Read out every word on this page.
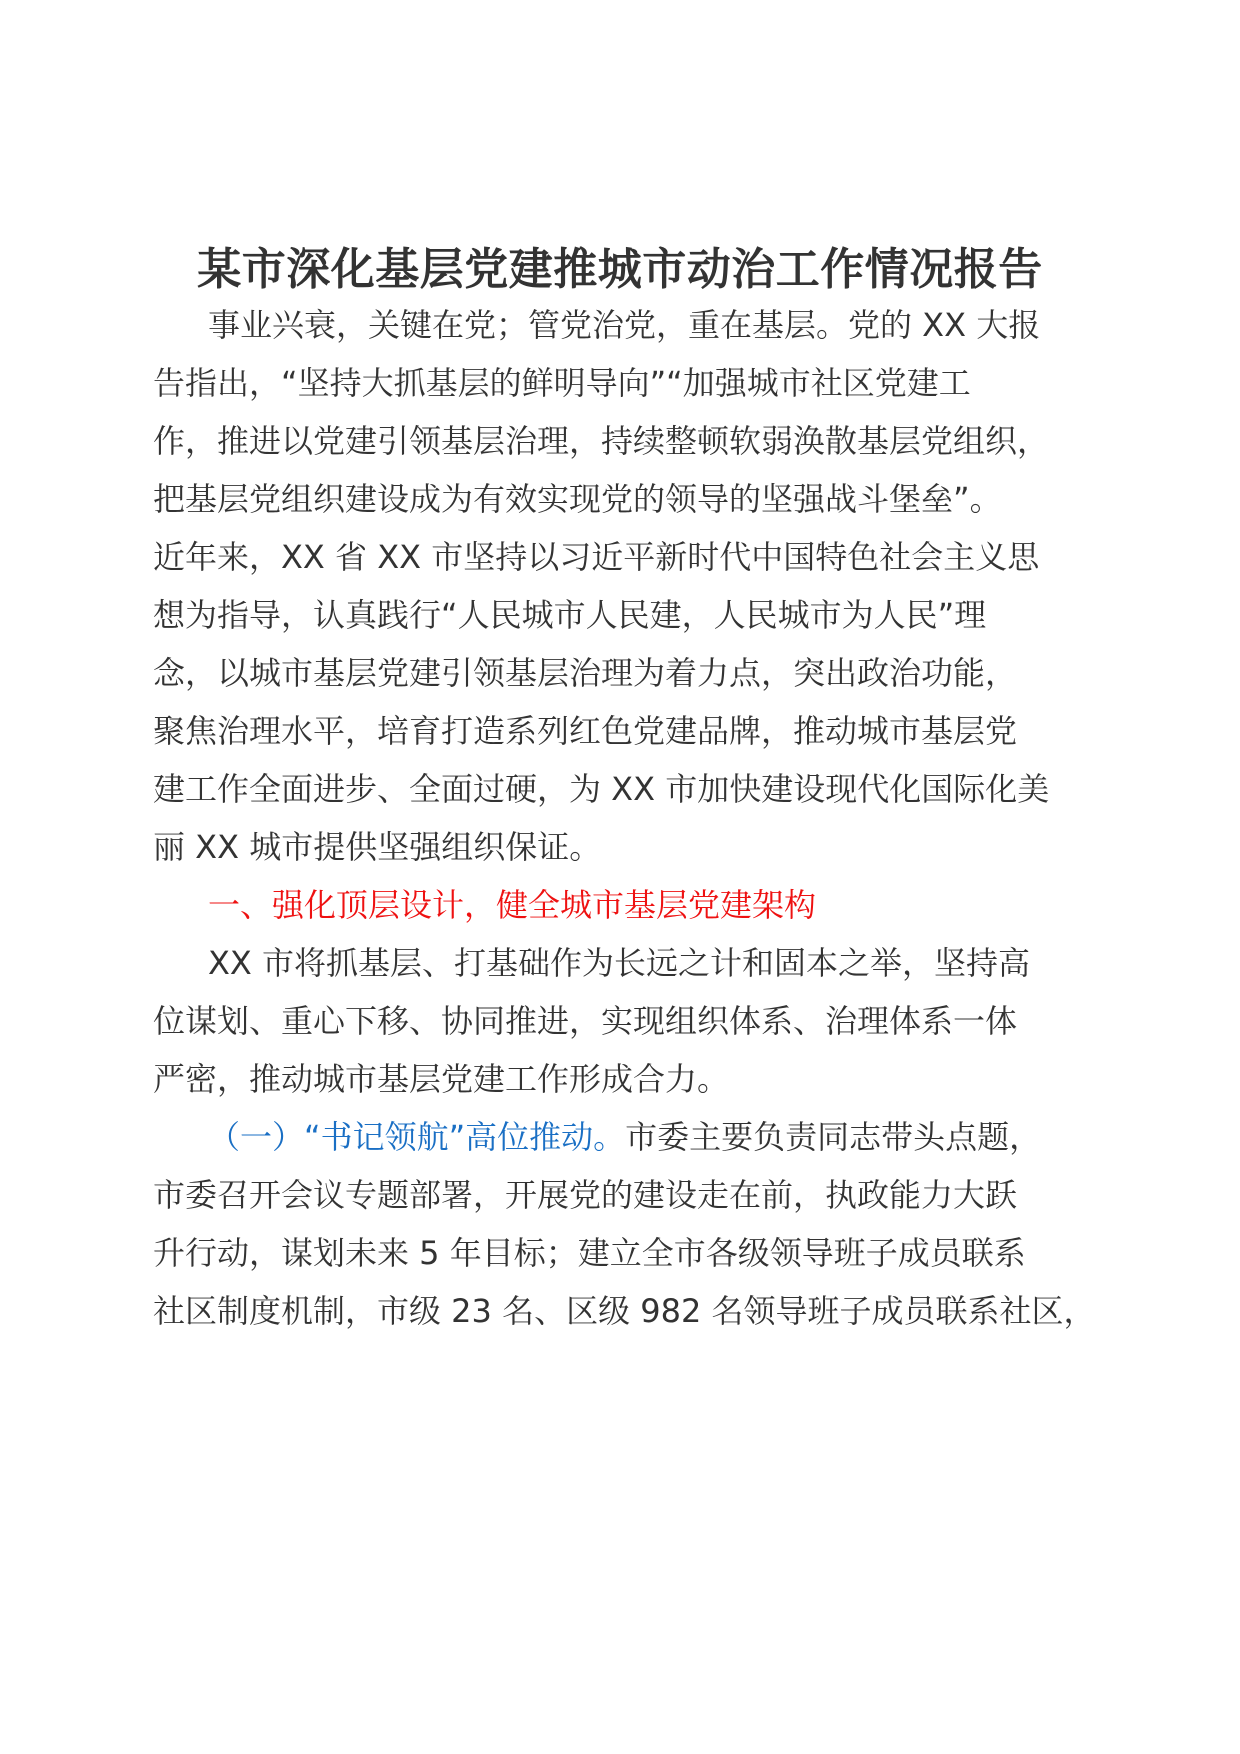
某市深化基层党建推城市动治工作情况报告

事业兴衰，关键在党；管党治党，重在基层。党的 XX 大报

告指出，“坚持大抓基层的鲜明导向”“加强城市社区党建工

作，推进以党建引领基层治理，持续整顿软弱涣散基层党组织，

把基层党组织建设成为有效实现党的领导的坚强战斗堡垒”。

近年来，XX 省 XX 市坚持以习近平新时代中国特色社会主义思

想为指导，认真践行“人民城市人民建，人民城市为人民”理

念，以城市基层党建引领基层治理为着力点，突出政治功能，

聚焦治理水平，培育打造系列红色党建品牌，推动城市基层党

建工作全面进步、全面过硬，为 XX 市加快建设现代化国际化美

丽 XX 城市提供坚强组织保证。

一、强化顶层设计，健全城市基层党建架构

XX 市将抓基层、打基础作为长远之计和固本之举，坚持高

位谋划、重心下移、协同推进，实现组织体系、治理体系一体

严密，推动城市基层党建工作形成合力。

（一）“书记领航”高位推动。市委主要负责同志带头点题，

市委召开会议专题部署，开展党的建设走在前，执政能力大跃

升行动，谋划未来 5 年目标；建立全市各级领导班子成员联系

社区制度机制，市级 23 名、区级 982 名领导班子成员联系社区，
